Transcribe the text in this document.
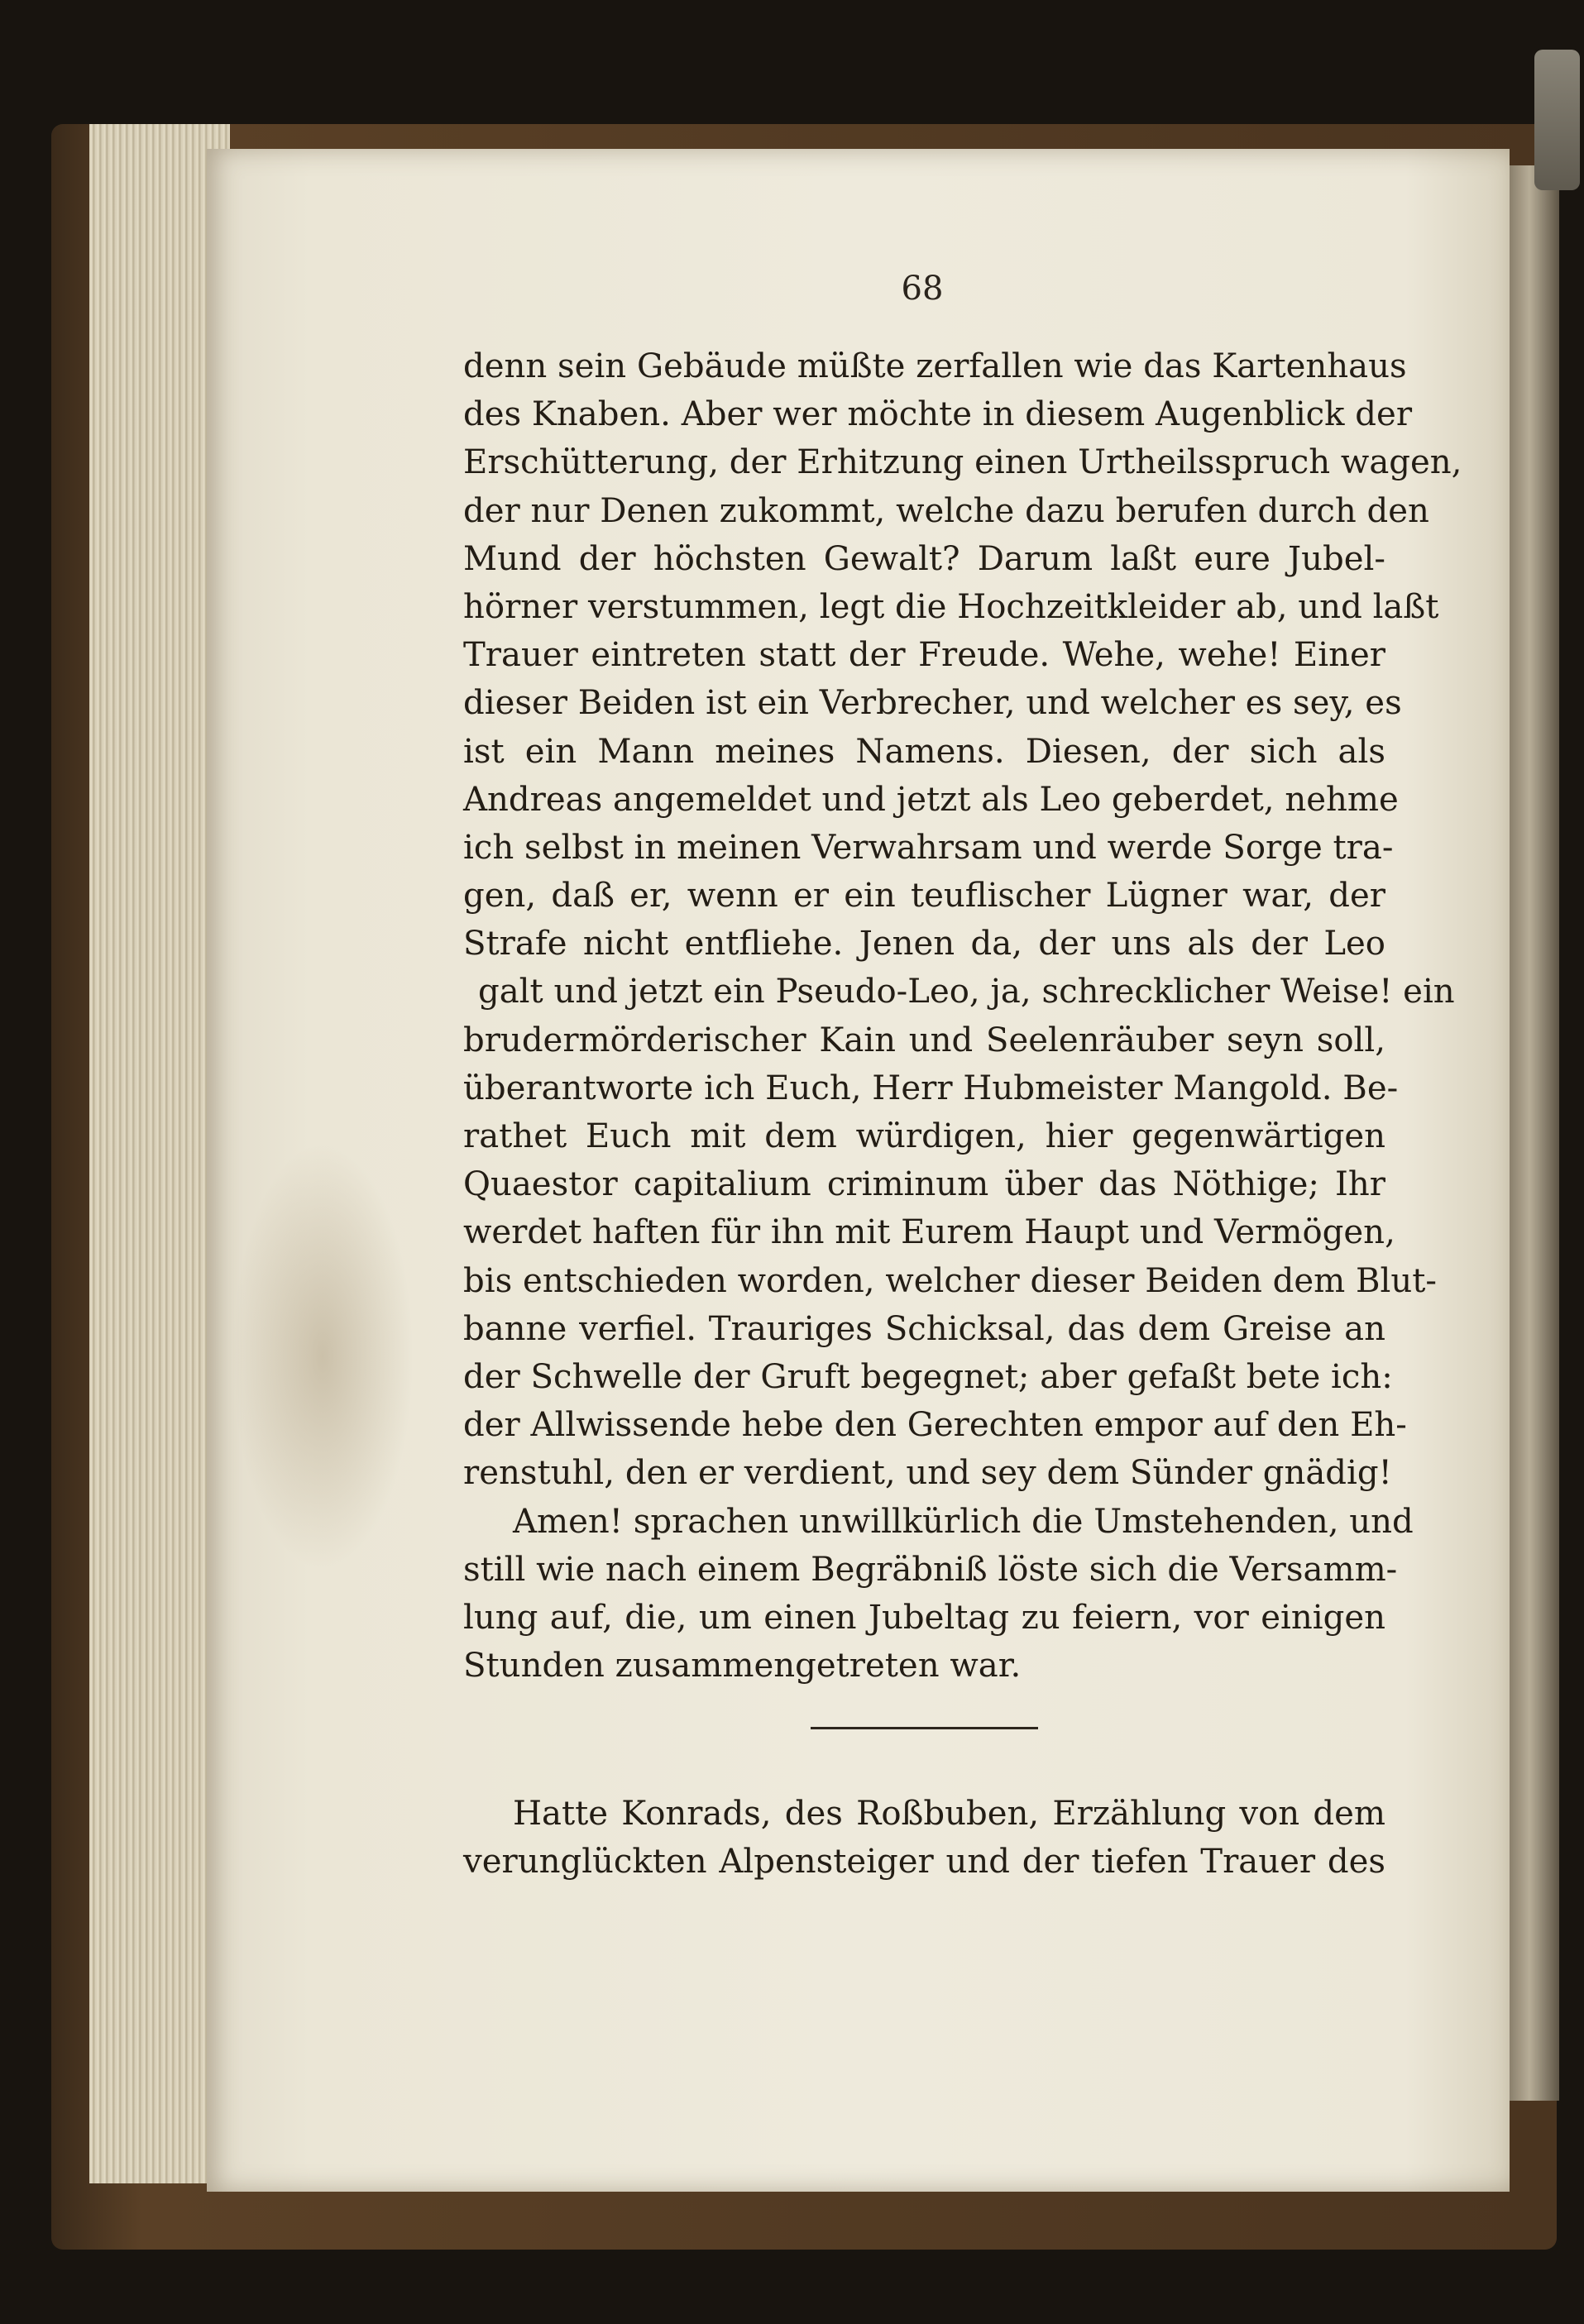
68
denn sein Gebäude müßte zerfallen wie das Kartenhaus
des Knaben. Aber wer möchte in diesem Augenblick der
Erschütterung, der Erhitzung einen Urtheilsspruch wagen,
der nur Denen zukommt, welche dazu berufen durch den
Mund der höchsten Gewalt? Darum laßt eure Jubel-
hörner verstummen, legt die Hochzeitkleider ab, und laßt
Trauer eintreten statt der Freude. Wehe, wehe! Einer
dieser Beiden ist ein Verbrecher, und welcher es sey, es
ist ein Mann meines Namens. Diesen, der sich als
Andreas angemeldet und jetzt als Leo geberdet, nehme
ich selbst in meinen Verwahrsam und werde Sorge tra-
gen, daß er, wenn er ein teuflischer Lügner war, der
Strafe nicht entfliehe. Jenen da, der uns als der Leo
galt und jetzt ein Pseudo-Leo, ja, schrecklicher Weise! ein
brudermörderischer Kain und Seelenräuber seyn soll,
überantworte ich Euch, Herr Hubmeister Mangold. Be-
rathet Euch mit dem würdigen, hier gegenwärtigen
Quaestor capitalium criminum über das Nöthige; Ihr
werdet haften für ihn mit Eurem Haupt und Vermögen,
bis entschieden worden, welcher dieser Beiden dem Blut-
banne verfiel. Trauriges Schicksal, das dem Greise an
der Schwelle der Gruft begegnet; aber gefaßt bete ich:
der Allwissende hebe den Gerechten empor auf den Eh-
renstuhl, den er verdient, und sey dem Sünder gnädig!
Amen! sprachen unwillkürlich die Umstehenden, und
still wie nach einem Begräbniß löste sich die Versamm-
lung auf, die, um einen Jubeltag zu feiern, vor einigen
Stunden zusammengetreten war.
Hatte Konrads, des Roßbuben, Erzählung von dem
verunglückten Alpensteiger und der tiefen Trauer des
